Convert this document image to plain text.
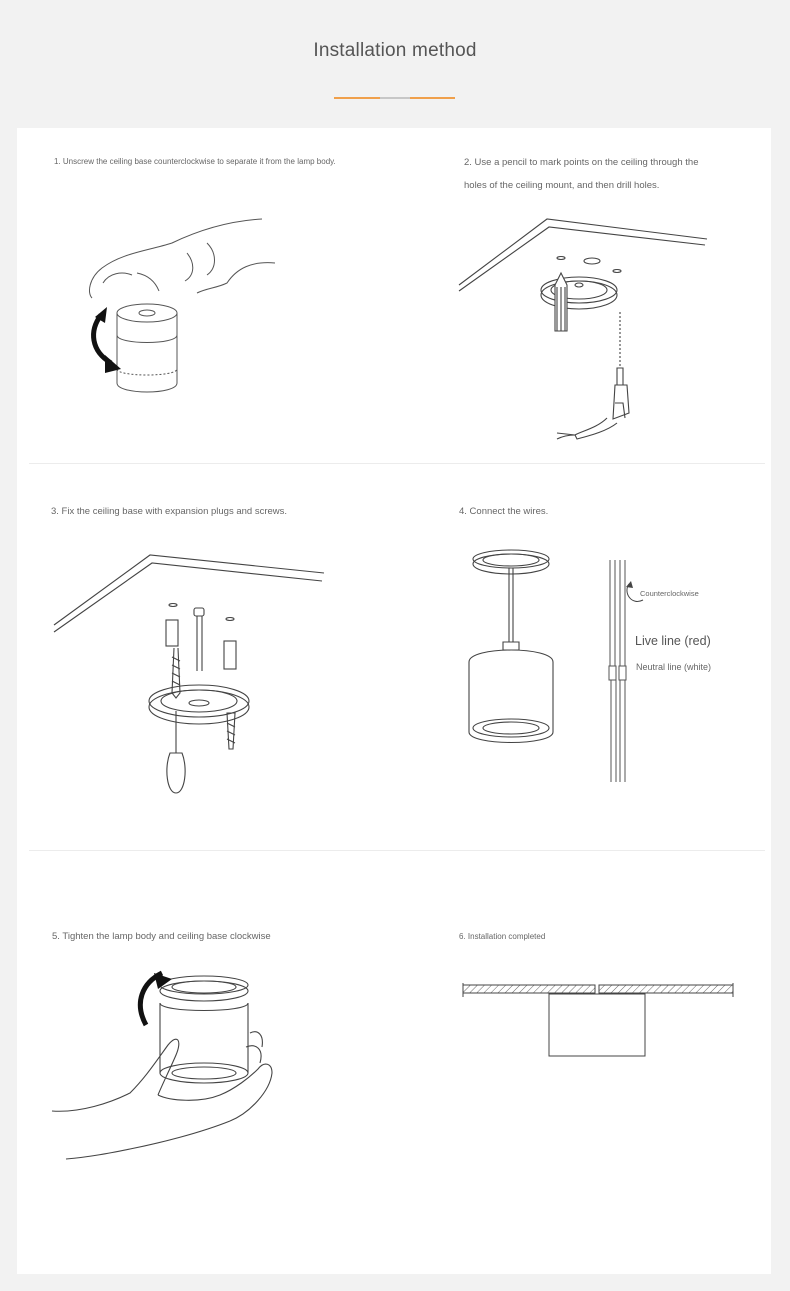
Installation method
1. Unscrew the ceiling base counterclockwise to separate it from the lamp body.	2. Use a pencil to mark points on the ceiling through the
holes of the ceiling mount, and then drill holes.
3. Fix the ceiling base with expansion plugs and screws.	4. Connect the wires.
Counterclockwise
Live line (red)
Neutral line (white)
5. Tighten the lamp body and ceiling base clockwise	6. Installation completed
